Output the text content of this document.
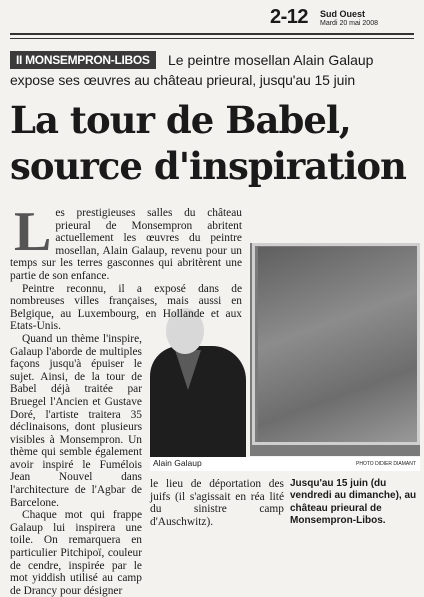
2-12 Sud Ouest
Mardi 20 mai 2008
II MONSEMPRON-LIBOS	Le peintre mosellan Alain Galaup
expose ses œuvres au château prieural, jusqu'au 15 juin
La tour de Babel,
source d'inspiration
Alain Galaup	PHOTO DIDIER DIAMANT

Les prestigieuses salles du château prieural de Monsempron abritent actuellement les œuvres du peintre mosellan, Alain Galaup, revenu pour un temps sur les terres gasconnes qui abritèrent une partie de son enfance.

Peintre reconnu, il a exposé dans de nombreuses villes françaises, mais aussi en Belgique, au Luxembourg, en Hollande et aux Etats-Unis.

Quand un thème l'inspire, Galaup l'aborde de multiples façons jusqu'à épuiser le sujet. Ainsi, de la tour de Babel déjà traitée par Bruegel l'Ancien et Gustave Doré, l'artiste traitera 35 déclinaisons, dont plusieurs visibles à Monsempron. Un thème qui semble également avoir inspiré le Fumélois Jean Nouvel dans l'architecture de l'Agbar de Barcelone.

Chaque mot qui frappe Galaup lui inspirera une toile. On remarquera en particulier Pitchipoï, couleur de cendre, inspirée par le mot yiddish utilisé au camp de Drancy pour désigner

le lieu de déportation des juifs (il s'agissait en réa lité du sinistre camp d'Auschwitz).
Jusqu'au 15 juin (du vendredi au dimanche), au château prieural de Monsempron-Libos.
